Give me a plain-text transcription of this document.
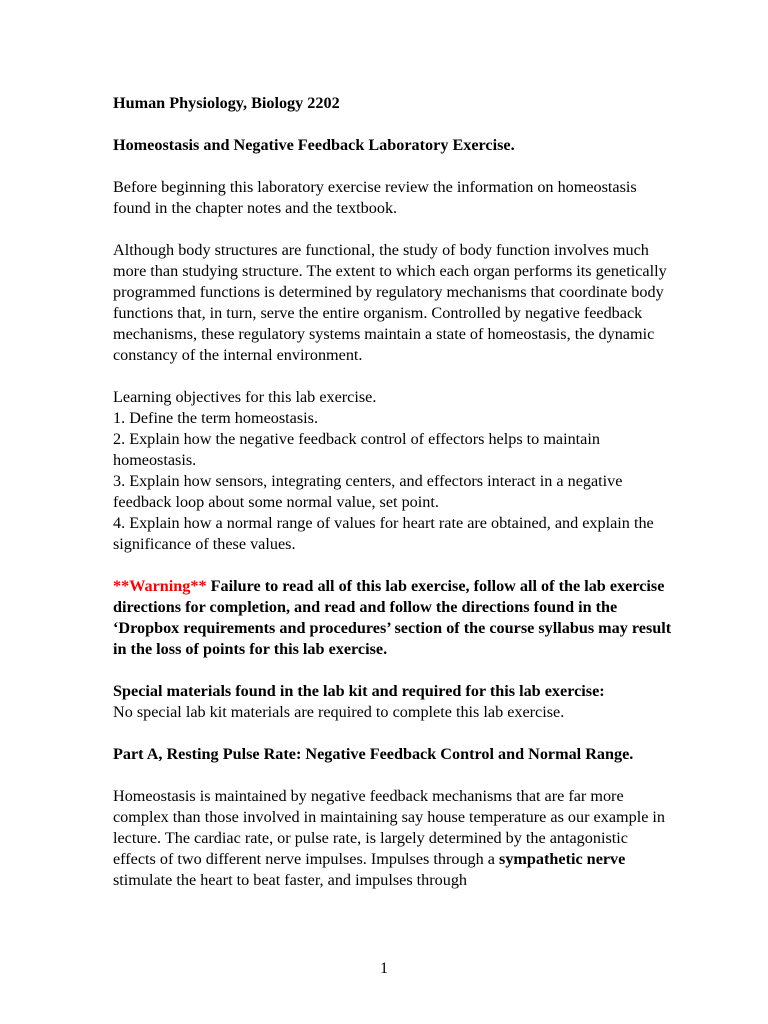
Human Physiology, Biology 2202

Homeostasis and Negative Feedback Laboratory Exercise.

Before beginning this laboratory exercise review the information on homeostasis found in the chapter notes and the textbook.

Although body structures are functional, the study of body function involves much more than studying structure. The extent to which each organ performs its genetically programmed functions is determined by regulatory mechanisms that coordinate body functions that, in turn, serve the entire organism. Controlled by negative feedback mechanisms, these regulatory systems maintain a state of homeostasis, the dynamic constancy of the internal environment.

Learning objectives for this lab exercise.
1. Define the term homeostasis.
2. Explain how the negative feedback control of effectors helps to maintain homeostasis.
3. Explain how sensors, integrating centers, and effectors interact in a negative feedback loop about some normal value, set point.
4. Explain how a normal range of values for heart rate are obtained, and explain the significance of these values.

**Warning** Failure to read all of this lab exercise, follow all of the lab exercise directions for completion, and read and follow the directions found in the ‘Dropbox requirements and procedures’ section of the course syllabus may result in the loss of points for this lab exercise.

Special materials found in the lab kit and required for this lab exercise:
No special lab kit materials are required to complete this lab exercise.

Part A, Resting Pulse Rate: Negative Feedback Control and Normal Range.

Homeostasis is maintained by negative feedback mechanisms that are far more complex than those involved in maintaining say house temperature as our example in lecture. The cardiac rate, or pulse rate, is largely determined by the antagonistic effects of two different nerve impulses. Impulses through a sympathetic nerve stimulate the heart to beat faster, and impulses through

1
